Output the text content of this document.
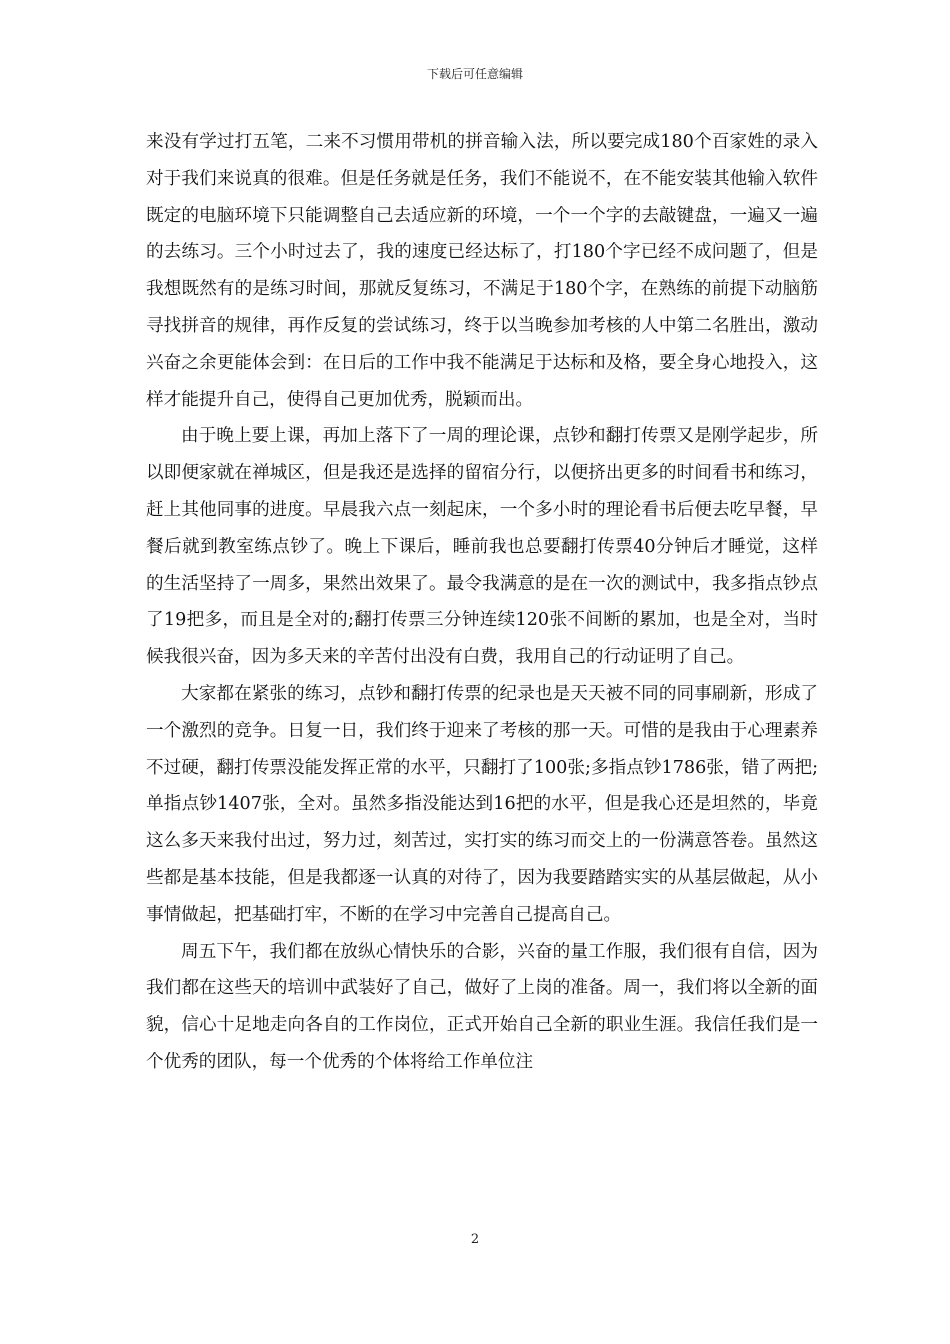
下载后可任意编辑

来没有学过打五笔，二来不习惯用带机的拼音输入法，所以要完成180个百家姓的录入对于我们来说真的很难。但是任务就是任务，我们不能说不，在不能安装其他输入软件既定的电脑环境下只能调整自己去适应新的环境，一个一个字的去敲键盘，一遍又一遍的去练习。三个小时过去了，我的速度已经达标了，打180个字已经不成问题了，但是我想既然有的是练习时间，那就反复练习，不满足于180个字，在熟练的前提下动脑筋寻找拼音的规律，再作反复的尝试练习，终于以当晚参加考核的人中第二名胜出，激动兴奋之余更能体会到：在日后的工作中我不能满足于达标和及格，要全身心地投入，这样才能提升自己，使得自己更加优秀，脱颖而出。

由于晚上要上课，再加上落下了一周的理论课，点钞和翻打传票又是刚学起步，所以即便家就在禅城区，但是我还是选择的留宿分行，以便挤出更多的时间看书和练习，赶上其他同事的进度。早晨我六点一刻起床，一个多小时的理论看书后便去吃早餐，早餐后就到教室练点钞了。晚上下课后，睡前我也总要翻打传票40分钟后才睡觉，这样的生活坚持了一周多，果然出效果了。最令我满意的是在一次的测试中，我多指点钞点了19把多，而且是全对的;翻打传票三分钟连续120张不间断的累加，也是全对，当时候我很兴奋，因为多天来的辛苦付出没有白费，我用自己的行动证明了自己。

大家都在紧张的练习，点钞和翻打传票的纪录也是天天被不同的同事刷新，形成了一个激烈的竞争。日复一日，我们终于迎来了考核的那一天。可惜的是我由于心理素养不过硬，翻打传票没能发挥正常的水平，只翻打了100张;多指点钞1786张，错了两把;单指点钞1407张，全对。虽然多指没能达到16把的水平，但是我心还是坦然的，毕竟这么多天来我付出过，努力过，刻苦过，实打实的练习而交上的一份满意答卷。虽然这些都是基本技能，但是我都逐一认真的对待了，因为我要踏踏实实的从基层做起，从小事情做起，把基础打牢，不断的在学习中完善自己提高自己。

周五下午，我们都在放纵心情快乐的合影，兴奋的量工作服，我们很有自信，因为我们都在这些天的培训中武装好了自己，做好了上岗的准备。周一，我们将以全新的面貌，信心十足地走向各自的工作岗位，正式开始自己全新的职业生涯。我信任我们是一个优秀的团队，每一个优秀的个体将给工作单位注

2
